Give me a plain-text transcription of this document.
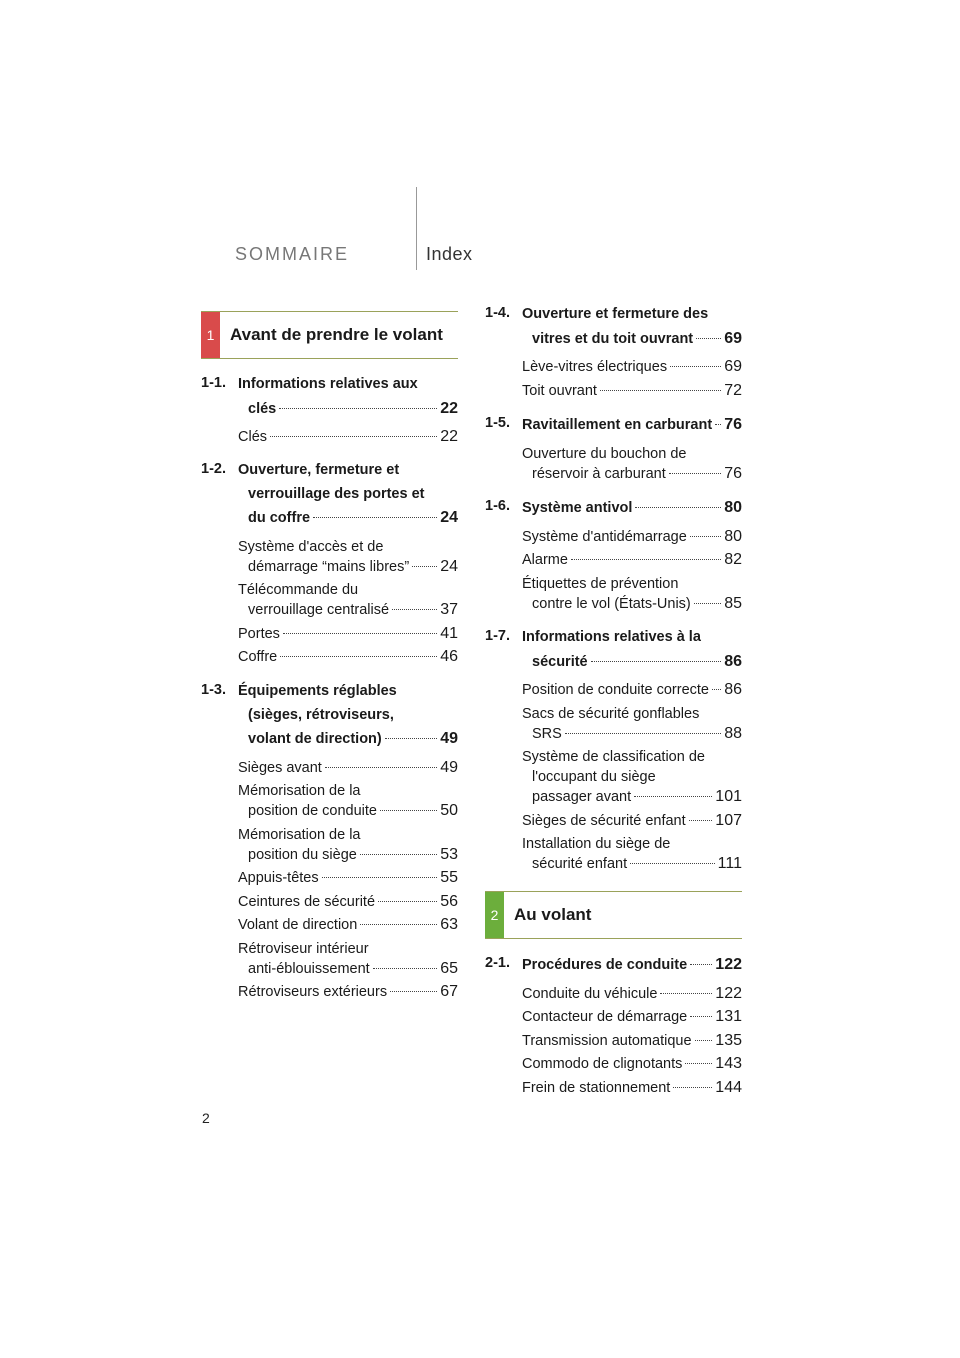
SOMMAIRE	Index
1 Avant de prendre le volant
2 Au volant
1-1. Informations relatives aux
clés	22
Clés	22
1-2. Ouverture, fermeture et
verrouillage des portes et
du coffre	24
Système d'accès et de
démarrage “mains libres” 24
Télécommande du
verrouillage centralisé	37
Portes	41
Coffre	46
1-3. Équipements réglables
(sièges, rétroviseurs,
volant de direction)	49
Sièges avant	49
Mémorisation de la
position de conduite	50
Mémorisation de la
position du siège	53
Appuis-têtes	55
Ceintures de sécurité	56
Volant de direction	63
Rétroviseur intérieur
anti-éblouissement	65
Rétroviseurs extérieurs	67
1-4. Ouverture et fermeture des
vitres et du toit ouvrant 69
Lève-vitres électriques	69
Toit ouvrant	72
1-5. Ravitaillement en carburant 76
Ouverture du bouchon de
réservoir à carburant	76
1-6. Système antivol	80
Système d'antidémarrage 80
Alarme	82
Étiquettes de prévention
contre le vol (États-Unis) 85
1-7. Informations relatives à la
sécurité	86
Position de conduite correcte 86
Sacs de sécurité gonflables
SRS	88
Système de classification de
l'occupant du siège
passager avant	101
Sièges de sécurité enfant 107
Installation du siège de
sécurité enfant	111
2-1. Procédures de conduite 122
Conduite du véhicule	122
Contacteur de démarrage 131
Transmission automatique 135
Commodo de clignotants 143
Frein de stationnement	144
2
